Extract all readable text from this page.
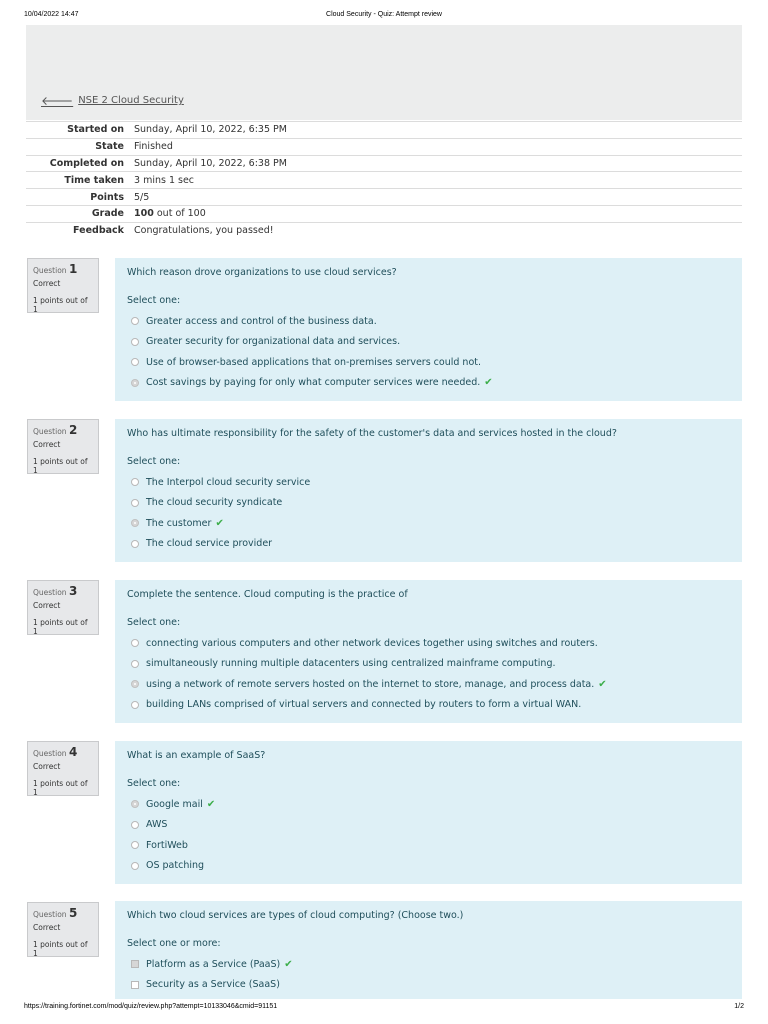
10/04/2022 14:47	Cloud Security - Quiz: Attempt review
🡐 NSE 2 Cloud Security
Started on	Sunday, April 10, 2022, 6:35 PM
State	Finished
Completed on	Sunday, April 10, 2022, 6:38 PM
Time taken	3 mins 1 sec
Points	5/5
Grade	100 out of 100
Feedback	Congratulations, you passed!
Question 1
Correct
1 points out of 1
Which reason drove organizations to use cloud services?
Select one:
Greater access and control of the business data.
Greater security for organizational data and services.
Use of browser-based applications that on-premises servers could not.
Cost savings by paying for only what computer services were needed. ✔
Question 2
Correct
1 points out of 1
Who has ultimate responsibility for the safety of the customer's data and services hosted in the cloud?
Select one:
The Interpol cloud security service
The cloud security syndicate
The customer ✔
The cloud service provider
Question 3
Correct
1 points out of 1
Complete the sentence. Cloud computing is the practice of
Select one:
connecting various computers and other network devices together using switches and routers.
simultaneously running multiple datacenters using centralized mainframe computing.
using a network of remote servers hosted on the internet to store, manage, and process data. ✔
building LANs comprised of virtual servers and connected by routers to form a virtual WAN.
Question 4
Correct
1 points out of 1
What is an example of SaaS?
Select one:
Google mail ✔
AWS
FortiWeb
OS patching
Question 5
Correct
1 points out of 1
Which two cloud services are types of cloud computing? (Choose two.)
Select one or more:
Platform as a Service (PaaS) ✔
Security as a Service (SaaS)
https://training.fortinet.com/mod/quiz/review.php?attempt=10133046&cmid=91151	1/2
